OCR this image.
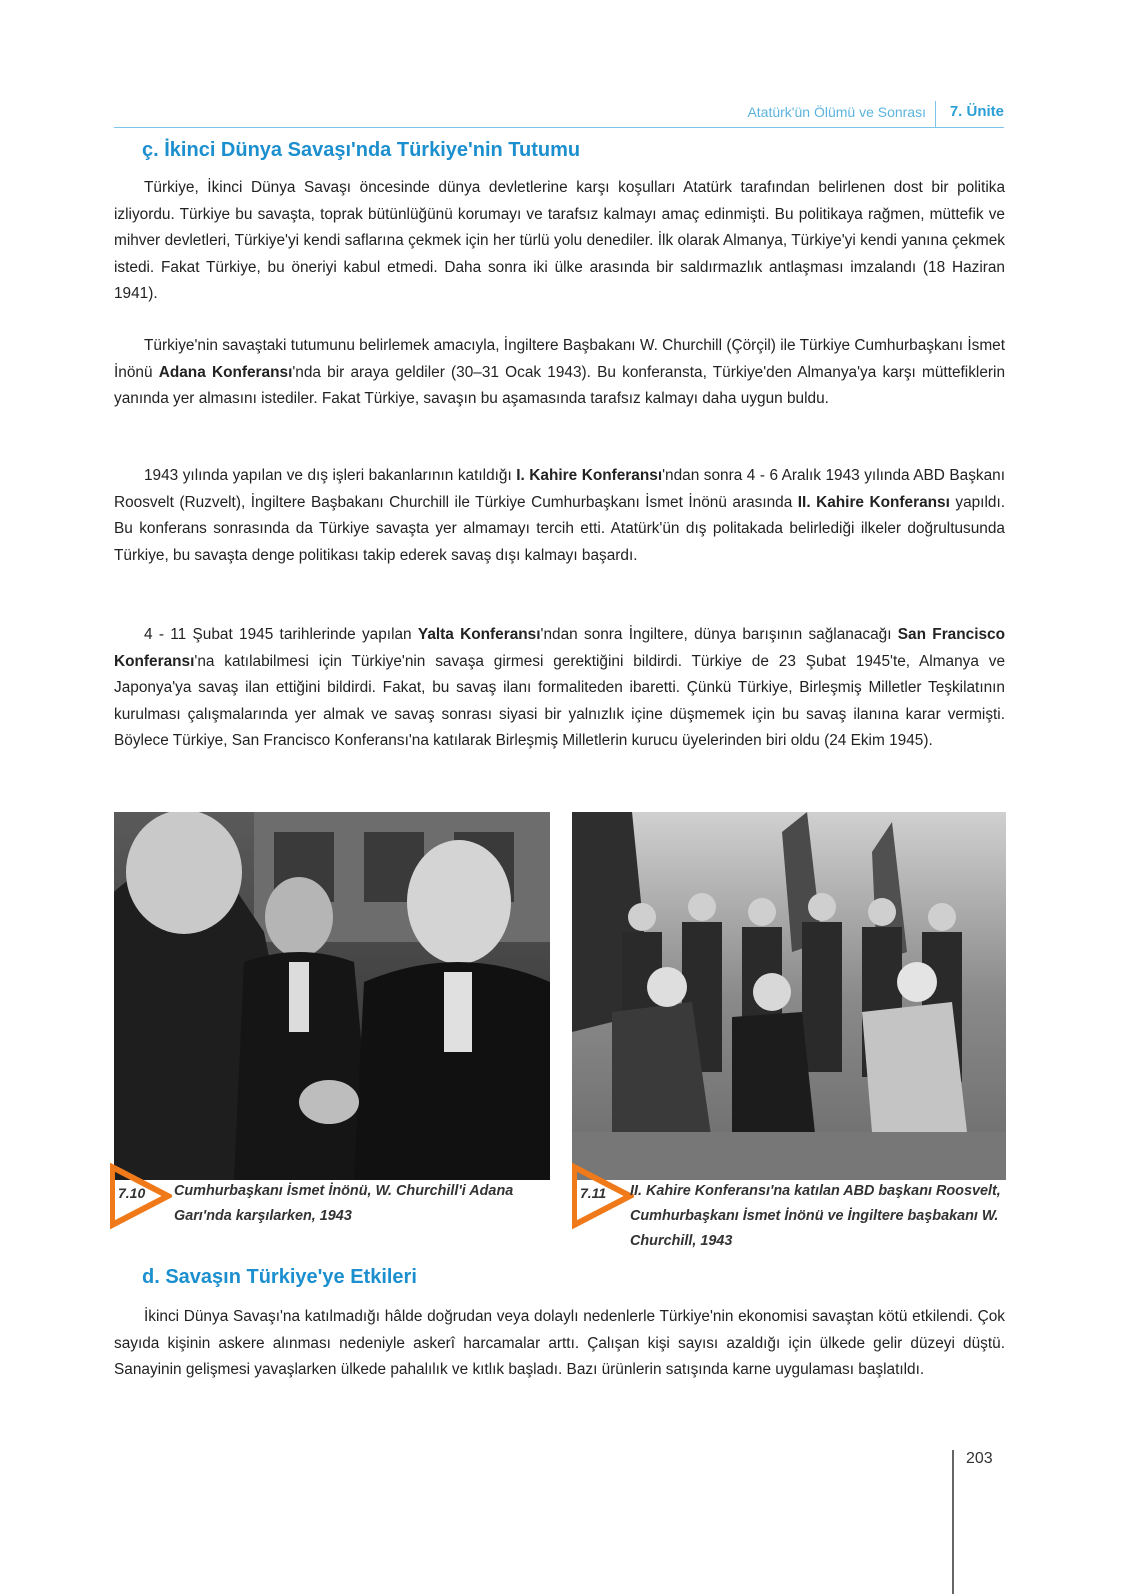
Atatürk'ün Ölümü ve Sonrası 7. Ünite
ç. İkinci Dünya Savaşı'nda Türkiye'nin Tutumu

Türkiye, İkinci Dünya Savaşı öncesinde dünya devletlerine karşı koşulları Atatürk tarafından belirlenen dost bir politika izliyordu. Türkiye bu savaşta, toprak bütünlüğünü korumayı ve tarafsız kalmayı amaç edinmişti. Bu politikaya rağmen, müttefik ve mihver devletleri, Türkiye'yi kendi saflarına çekmek için her türlü yolu denediler. İlk olarak Almanya, Türkiye'yi kendi yanına çekmek istedi. Fakat Türkiye, bu öneriyi kabul etmedi. Daha sonra iki ülke arasında bir saldırmazlık antlaşması imzalandı (18 Haziran 1941).

Türkiye'nin savaştaki tutumunu belirlemek amacıyla, İngiltere Başbakanı W. Churchill (Çörçil) ile Türkiye Cumhurbaşkanı İsmet İnönü Adana Konferansı'nda bir araya geldiler (30–31 Ocak 1943). Bu konferansta, Türkiye'den Almanya'ya karşı müttefiklerin yanında yer almasını istediler. Fakat Türkiye, savaşın bu aşamasında tarafsız kalmayı daha uygun buldu.

1943 yılında yapılan ve dış işleri bakanlarının katıldığı I. Kahire Konferansı'ndan sonra 4 - 6 Aralık 1943 yılında ABD Başkanı Roosvelt (Ruzvelt), İngiltere Başbakanı Churchill ile Türkiye Cumhurbaşkanı İsmet İnönü arasında II. Kahire Konferansı yapıldı. Bu konferans sonrasında da Türkiye savaşta yer almamayı tercih etti. Atatürk'ün dış politakada belirlediği ilkeler doğrultusunda Türkiye, bu savaşta denge politikası takip ederek savaş dışı kalmayı başardı.

4 - 11 Şubat 1945 tarihlerinde yapılan Yalta Konferansı'ndan sonra İngiltere, dünya barışının sağlanacağı San Francisco Konferansı'na katılabilmesi için Türkiye'nin savaşa girmesi gerektiğini bildirdi. Türkiye de 23 Şubat 1945'te, Almanya ve Japonya'ya savaş ilan ettiğini bildirdi. Fakat, bu savaş ilanı formaliteden ibaretti. Çünkü Türkiye, Birleşmiş Milletler Teşkilatının kurulması çalışmalarında yer almak ve savaş sonrası siyasi bir yalnızlık içine düşmemek için bu savaş ilanına karar vermişti. Böylece Türkiye, San Francisco Konferansı'na katılarak Birleşmiş Milletlerin kurucu üyelerinden biri oldu (24 Ekim 1945).

7.10 Cumhurbaşkanı İsmet İnönü, W. Churchill'i Adana Garı'nda karşılarken, 1943

7.11 II. Kahire Konferansı'na katılan ABD başkanı Roosvelt, Cumhurbaşkanı İsmet İnönü ve İngiltere başbakanı W. Churchill, 1943

d. Savaşın Türkiye'ye Etkileri

İkinci Dünya Savaşı'na katılmadığı hâlde doğrudan veya dolaylı nedenlerle Türkiye'nin ekonomisi savaştan kötü etkilendi. Çok sayıda kişinin askere alınması nedeniyle askerî harcamalar arttı. Çalışan kişi sayısı azaldığı için ülkede gelir düzeyi düştü. Sanayinin gelişmesi yavaşlarken ülkede pahalılık ve kıtlık başladı. Bazı ürünlerin satışında karne uygulaması başlatıldı.

203
